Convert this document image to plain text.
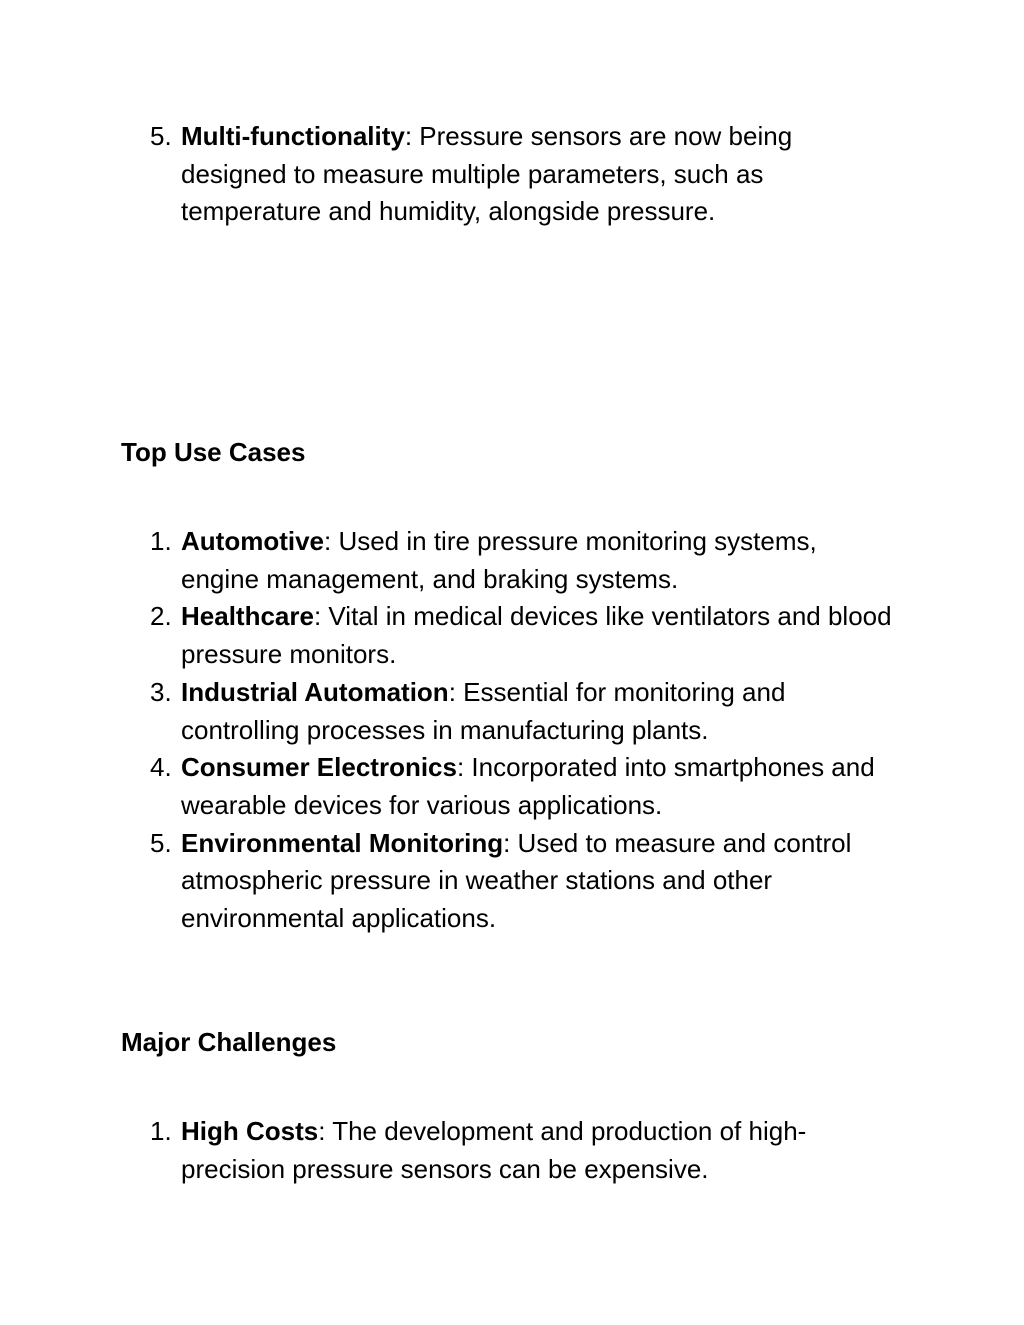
5. Multi-functionality: Pressure sensors are now being designed to measure multiple parameters, such as temperature and humidity, alongside pressure.
Top Use Cases
1. Automotive: Used in tire pressure monitoring systems, engine management, and braking systems.
2. Healthcare: Vital in medical devices like ventilators and blood pressure monitors.
3. Industrial Automation: Essential for monitoring and controlling processes in manufacturing plants.
4. Consumer Electronics: Incorporated into smartphones and wearable devices for various applications.
5. Environmental Monitoring: Used to measure and control atmospheric pressure in weather stations and other environmental applications.
Major Challenges
1. High Costs: The development and production of high-precision pressure sensors can be expensive.
